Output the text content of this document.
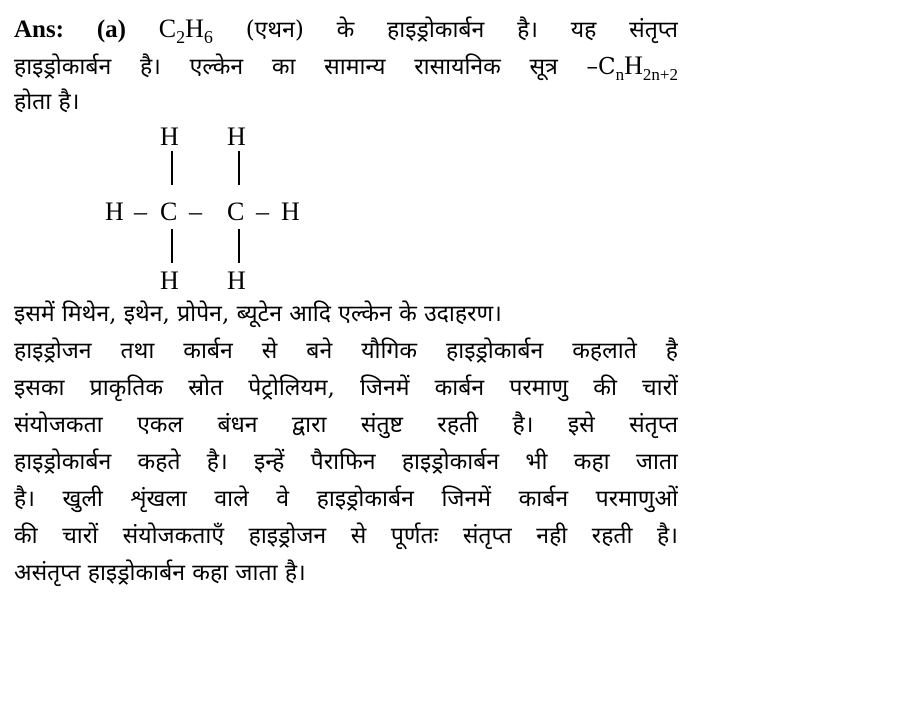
Ans: (a) $C_2H_6$ (एथन) के हाइड्रोकार्बन है। यह संतृप्त
हाइड्रोकार्बन है। एल्केन का सामान्य रासायनिक सूत्र $-C_nH_{2n+2}$
होता है।
H H
H – C – C – H
H H
इसमें मिथेन, इथेन, प्रोपेन, ब्यूटेन आदि एल्केन के उदाहरण।
हाइड्रोजन तथा कार्बन से बने यौगिक हाइड्रोकार्बन कहलाते है
इसका प्राकृतिक स्रोत पेट्रोलियम, जिनमें कार्बन परमाणु की चारों
संयोजकता एकल बंधन द्वारा संतुष्ट रहती है। इसे संतृप्त
हाइड्रोकार्बन कहते है। इन्हें पैराफिन हाइड्रोकार्बन भी कहा जाता
है। खुली शृंखला वाले वे हाइड्रोकार्बन जिनमें कार्बन परमाणुओं
की चारों संयोजकताएँ हाइड्रोजन से पूर्णतः संतृप्त नही रहती है।
असंतृप्त हाइड्रोकार्बन कहा जाता है।
